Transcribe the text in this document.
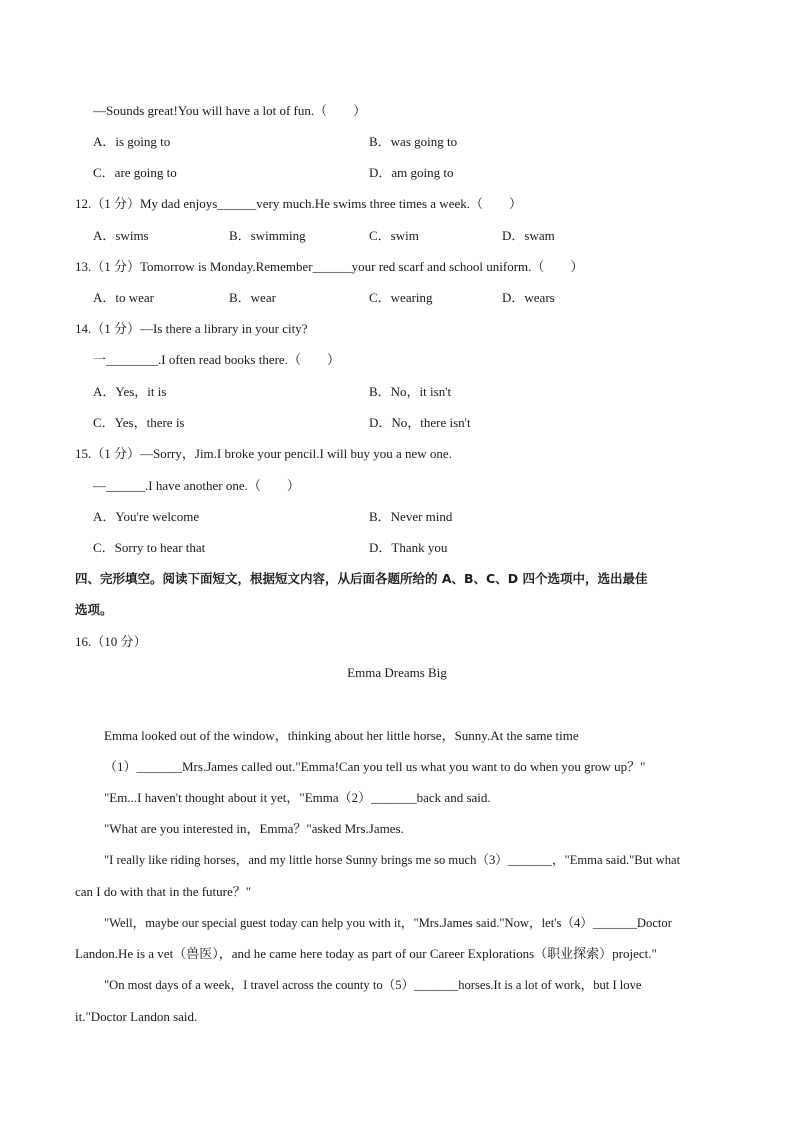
—Sounds great!You will have a lot of fun.（　　）
A．is going to	B．was going to
C．are going to	D．am going to
12.（1 分）My dad enjoys______very much.He swims three times a week.（　　）
A．swims	B．swimming	C．swim	D．swam
13.（1 分）Tomorrow is Monday.Remember______your red scarf and school uniform.（　　）
A．to wear	B．wear	C．wearing	D．wears
14.（1 分）—Is there a library in your city?
一________.I often read books there.（　　）
A．Yes，it is	B．No，it isn't
C．Yes，there is	D．No，there isn't
15.（1 分）—Sorry，Jim.I broke your pencil.I will buy you a new one.
—______.I have another one.（　　）
A．You're welcome	B．Never mind
C．Sorry to hear that	D．Thank you
四、完形填空。阅读下面短文，根据短文内容，从后面各题所给的 A、B、C、D 四个选项中，选出最佳
选项。
16.（10 分）
Emma Dreams Big
Emma looked out of the window，thinking about her little horse，Sunny.At the same time
（1）_______Mrs.James called out."Emma!Can you tell us what you want to do when you grow up？"
"Em...I haven't thought about it yet，"Emma（2）_______back and said.
"What are you interested in，Emma？"asked Mrs.James.
"I really like riding horses，and my little horse Sunny brings me so much（3）_______，"Emma said."But what
can I do with that in the future？"
"Well，maybe our special guest today can help you with it，"Mrs.James said."Now，let's（4）_______Doctor
Landon.He is a vet（兽医），and he came here today as part of our Career Explorations（职业探索）project."
"On most days of a week，I travel across the county to（5）_______horses.It is a lot of work，but I love
it."Doctor Landon said.
